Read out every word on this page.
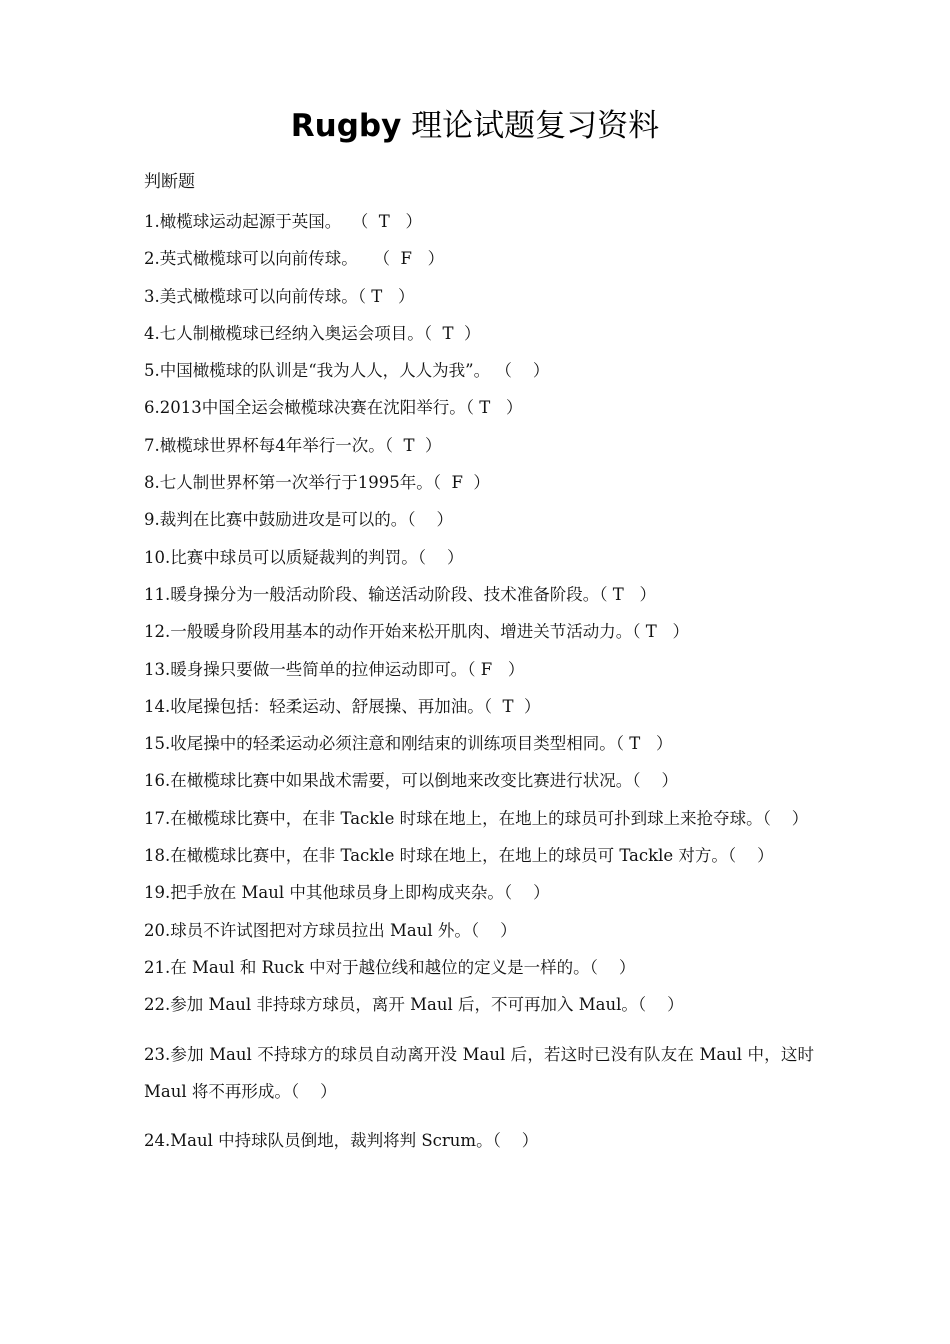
Rugby 理论试题复习资料
判断题
1.橄榄球运动起源于英国。  （  T   ）
2.英式橄榄球可以向前传球。   （  F   ）
3.美式橄榄球可以向前传球。（ T   ）
4.七人制橄榄球已经纳入奥运会项目。（  T  ）
5.中国橄榄球的队训是“我为人人，人人为我”。 （    ）
6.2013中国全运会橄榄球决赛在沈阳举行。（ T   ）
7.橄榄球世界杯每4年举行一次。（  T  ）
8.七人制世界杯第一次举行于1995年。（  F  ）
9.裁判在比赛中鼓励进攻是可以的。（    ）
10.比赛中球员可以质疑裁判的判罚。（    ）
11.暖身操分为一般活动阶段、输送活动阶段、技术准备阶段。（ T   ）
12.一般暖身阶段用基本的动作开始来松开肌肉、增进关节活动力。（ T   ）
13.暖身操只要做一些简单的拉伸运动即可。（ F   ）
14.收尾操包括：轻柔运动、舒展操、再加油。（  T  ）
15.收尾操中的轻柔运动必须注意和刚结束的训练项目类型相同。（ T   ）
16.在橄榄球比赛中如果战术需要，可以倒地来改变比赛进行状况。（    ）
17.在橄榄球比赛中，在非 Tackle 时球在地上，在地上的球员可扑到球上来抢夺球。（    ）
18.在橄榄球比赛中，在非 Tackle 时球在地上，在地上的球员可 Tackle 对方。（    ）
19.把手放在 Maul 中其他球员身上即构成夹杂。（    ）
20.球员不许试图把对方球员拉出 Maul 外。（    ）
21.在 Maul 和 Ruck 中对于越位线和越位的定义是一样的。（    ）
22.参加 Maul 非持球方球员，离开 Maul 后，不可再加入 Maul。（    ）
23.参加 Maul 不持球方的球员自动离开没 Maul 后，若这时已没有队友在 Maul 中，这时 Maul 将不再形成。（    ）
24.Maul 中持球队员倒地，裁判将判 Scrum。（    ）
